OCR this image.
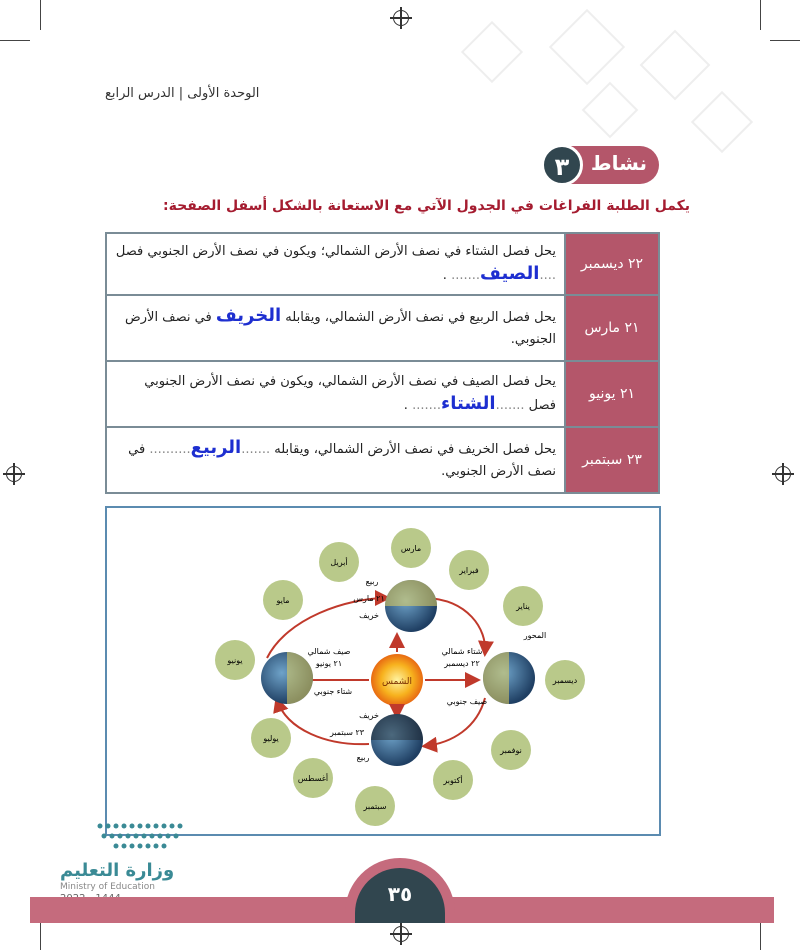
الوحدة الأولى | الدرس الرابع
نشاط
٣
يكمل الطلبة الفراغات في الجدول الآتي مع الاستعانة بالشكل أسفل الصفحة:
يحل فصل الشتاء في نصف الأرض الشمالي؛ ويكون في نصف الأرض الجنوبي فصل ....الصيف....... .	٢٢ ديسمبر
يحل فصل الربيع في نصف الأرض الشمالي، ويقابله الخريف في نصف الأرض الجنوبي.	٢١ مارس
يحل فصل الصيف في نصف الأرض الشمالي، ويكون في نصف الأرض الجنوبي فصل .......الشتاء....... .	٢١ يونيو
يحل فصل الخريف في نصف الأرض الشمالي، ويقابله .......الربيع.......... في نصف الأرض الجنوبي.	٢٣ سبتمبر
الشمس
ربيع
٢١ مارس
خريف
شتاء شمالي
٢٢ ديسمبر
صيف جنوبي
المحور
صيف شمالي
٢١ يونيو
شتاء جنوبي
خريف
٢٣ سبتمبر
ربيع
مارس
فبراير
يناير
ديسمبر
نوفمبر
أكتوبر
سبتمبر
أغسطس
يوليو
يونيو
مايو
أبريل
وزارة التعليم
Ministry of Education	٣٥
